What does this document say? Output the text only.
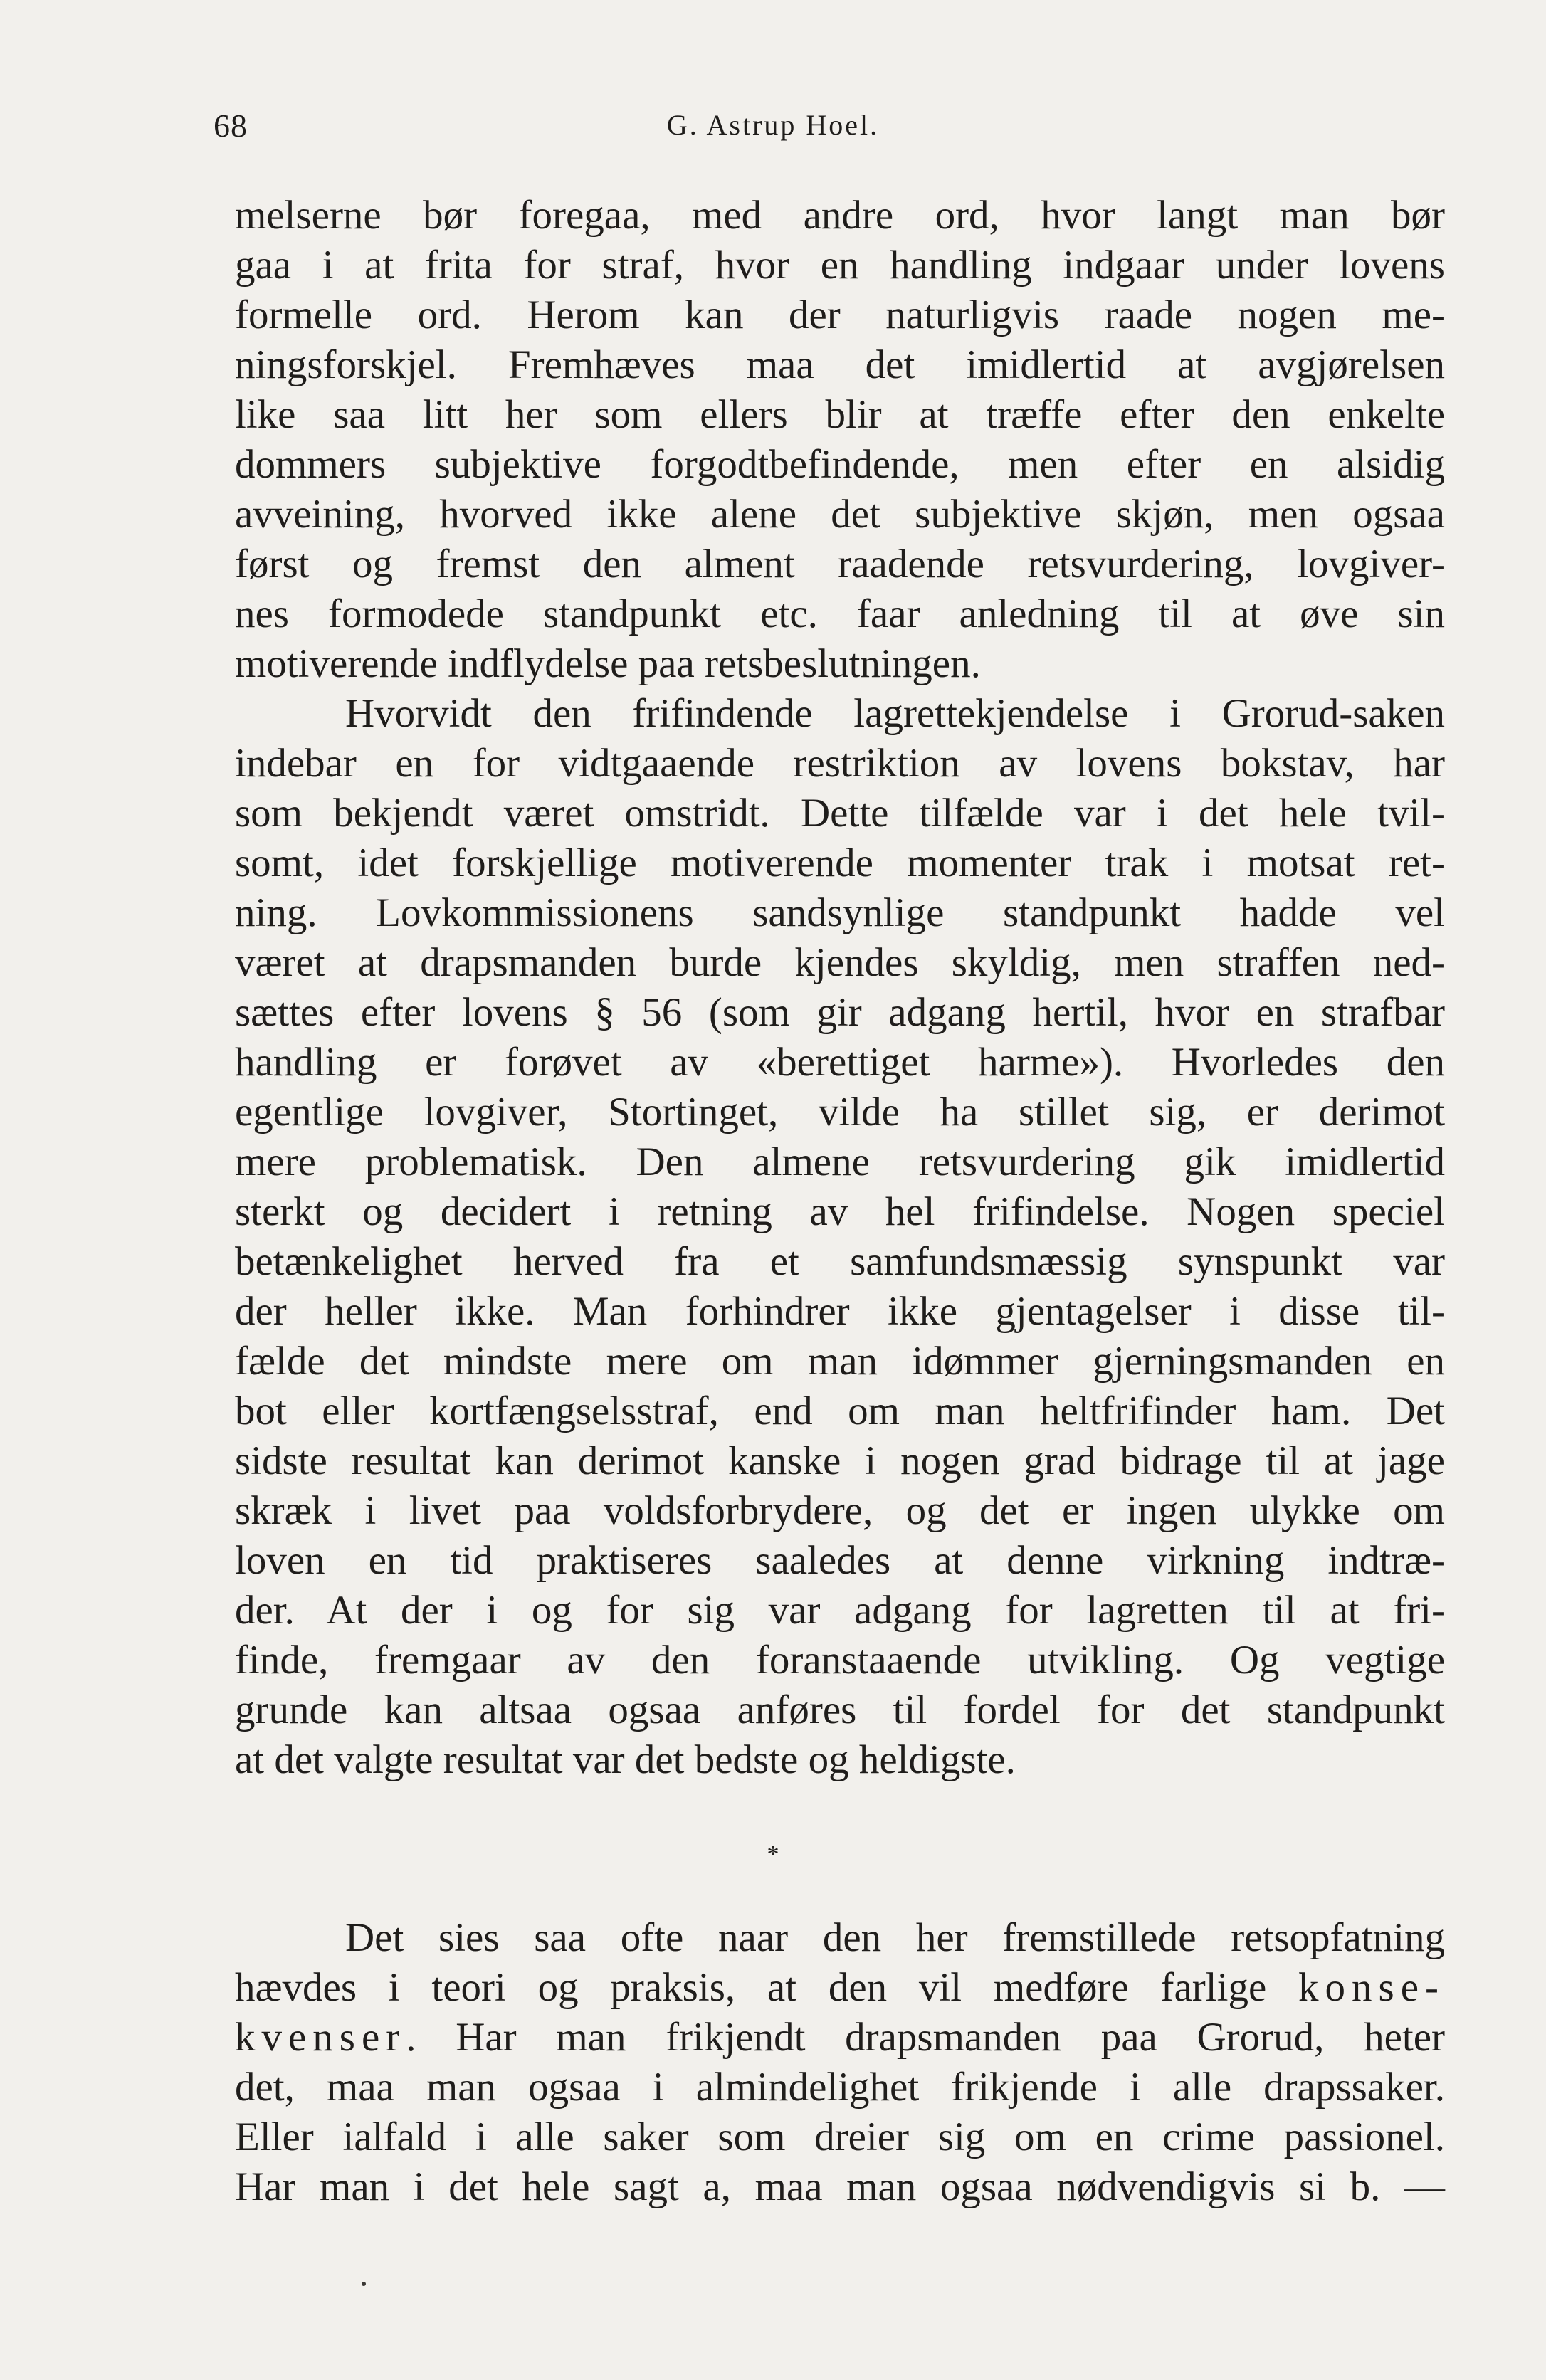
68	G. Astrup Hoel.
melserne bør foregaa, med andre ord, hvor langt man bør
gaa i at frita for straf, hvor en handling indgaar under lovens
formelle ord. Herom kan der naturligvis raade nogen me-
ningsforskjel. Fremhæves maa det imidlertid at avgjørelsen
like saa litt her som ellers blir at træffe efter den enkelte
dommers subjektive forgodtbefindende, men efter en alsidig
avveining, hvorved ikke alene det subjektive skjøn, men ogsaa
først og fremst den alment raadende retsvurdering, lovgiver-
nes formodede standpunkt etc. faar anledning til at øve sin
motiverende indflydelse paa retsbeslutningen.
Hvorvidt den frifindende lagrettekjendelse i Grorud-saken
indebar en for vidtgaaende restriktion av lovens bokstav, har
som bekjendt været omstridt. Dette tilfælde var i det hele tvil-
somt, idet forskjellige motiverende momenter trak i motsat ret-
ning. Lovkommissionens sandsynlige standpunkt hadde vel
været at drapsmanden burde kjendes skyldig, men straffen ned-
sættes efter lovens § 56 (som gir adgang hertil, hvor en strafbar
handling er forøvet av «berettiget harme»). Hvorledes den
egentlige lovgiver, Stortinget, vilde ha stillet sig, er derimot
mere problematisk. Den almene retsvurdering gik imidlertid
sterkt og decidert i retning av hel frifindelse. Nogen speciel
betænkelighet herved fra et samfundsmæssig synspunkt var
der heller ikke. Man forhindrer ikke gjentagelser i disse til-
fælde det mindste mere om man idømmer gjerningsmanden en
bot eller kortfængselsstraf, end om man heltfrifinder ham. Det
sidste resultat kan derimot kanske i nogen grad bidrage til at jage
skræk i livet paa voldsforbrydere, og det er ingen ulykke om
loven en tid praktiseres saaledes at denne virkning indtræ-
der. At der i og for sig var adgang for lagretten til at fri-
finde, fremgaar av den foranstaaende utvikling. Og vegtige
grunde kan altsaa ogsaa anføres til fordel for det standpunkt
at det valgte resultat var det bedste og heldigste.
*
Det sies saa ofte naar den her fremstillede retsopfatning
hævdes i teori og praksis, at den vil medføre farlige konse-
kvenser. Har man frikjendt drapsmanden paa Grorud, heter
det, maa man ogsaa i almindelighet frikjende i alle drapssaker.
Eller ialfald i alle saker som dreier sig om en crime passionel.
Har man i det hele sagt a, maa man ogsaa nødvendigvis si b. —
